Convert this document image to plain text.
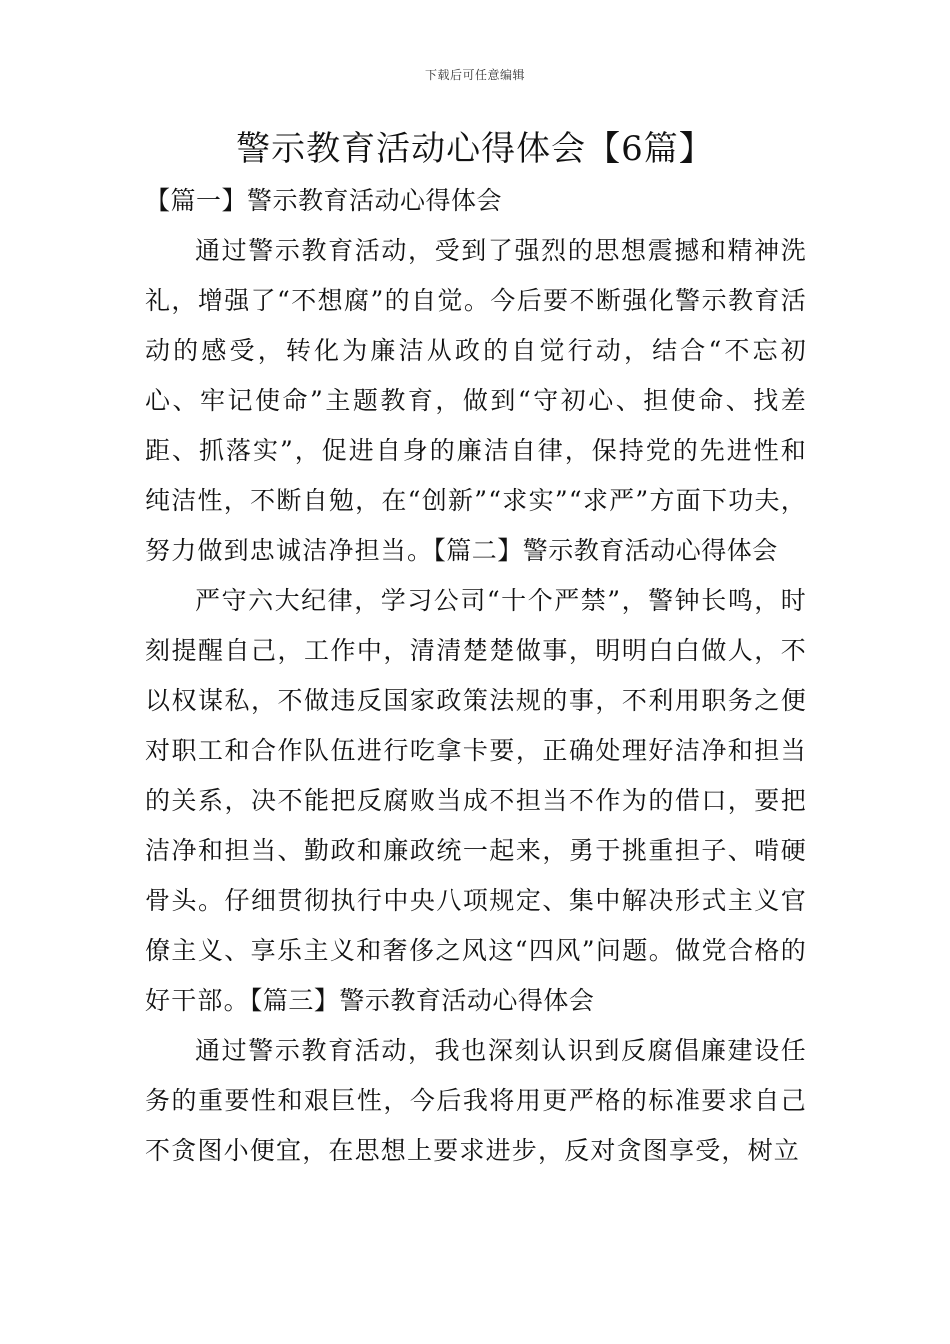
下载后可任意编辑
警示教育活动心得体会【6篇】
【篇一】警示教育活动心得体会

通过警示教育活动，受到了强烈的思想震撼和精神洗礼，增强了“不想腐”的自觉。今后要不断强化警示教育活动的感受，转化为廉洁从政的自觉行动，结合“不忘初心、牢记使命”主题教育，做到“守初心、担使命、找差距、抓落实”，促进自身的廉洁自律，保持党的先进性和纯洁性，不断自勉，在“创新”“求实”“求严”方面下功夫，努力做到忠诚洁净担当。【篇二】警示教育活动心得体会

严守六大纪律，学习公司“十个严禁”，警钟长鸣，时刻提醒自己，工作中，清清楚楚做事，明明白白做人，不以权谋私，不做违反国家政策法规的事，不利用职务之便对职工和合作队伍进行吃拿卡要，正确处理好洁净和担当的关系，决不能把反腐败当成不担当不作为的借口，要把洁净和担当、勤政和廉政统一起来，勇于挑重担子、啃硬骨头。仔细贯彻执行中央八项规定、集中解决形式主义官僚主义、享乐主义和奢侈之风这“四风”问题。做党合格的好干部。【篇三】警示教育活动心得体会

通过警示教育活动，我也深刻认识到反腐倡廉建设任务的重要性和艰巨性，今后我将用更严格的标准要求自己不贪图小便宜，在思想上要求进步，反对贪图享受，树立
